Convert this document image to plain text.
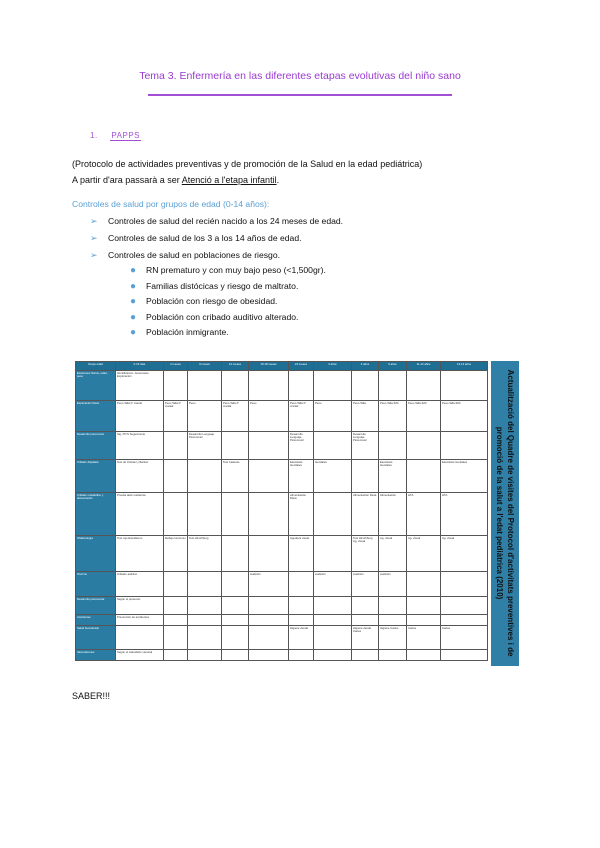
Tema 3. Enfermería en las diferentes etapas evolutivas del niño sano
1. PAPPS
(Protocolo de actividades preventivas y de promoción de la Salud en la edad pediátrica)
A partir d'ara passarà a ser Atenció a l'etapa infantil.
Controles de salud por grupos de edad (0-14 años):
➢ Controles de salud del recién nacido a los 24 meses de edad.
➢ Controles de salud de los 3 a los 14 años de edad.
➢ Controles de salud en poblaciones de riesgo.
● RN prematuro y con muy bajo peso (<1,500gr).
● Familias distócicas y riesgo de maltrato.
● Población con riesgo de obesidad.
● Población con cribado auditivo alterado.
● Población inmigrante.
Grupo edad	0-15 días	2 meses	6 meses	12 meses	15-18 meses	24 meses	3 años	4 años	6 años	11-12 años	13-14 años
Exámenes físicos, edad, peso	Identificación. Anamnesis. Exploración										
Exploración física	Peso Talla P. cranial	Peso Talla P. cranial	Peso	Peso Talla P. cranial	Peso	Peso Talla P. cranial	Peso	Peso Talla	Peso Talla IMC	Peso Talla IMC	Peso Talla IMC
Desarrollo psicomotor	Sig. PC'S Seguimiento		Desarrollo Lenguaje Psicomotor			Desarrollo Lenguaje Psicomotor		Desarrollo Lenguaje Psicomotor			
Cribado displasia	Test de Ortolani y Barlow			Test Caderas		Escoliosis Genitales	Genitales		Escoliosis Genitales		Escoliosis Genitales
Cribado metabólico y alimentación	Prueba talón Lactancia					Alimentación Dieta		Alimentación Dieta	Alimentación	HTA	HTA
Oftalmología	Test rojo Estrabismo	Reflejo luminoso	Test Hirschberg			Agudeza visual		Test Hirschberg Ag. visual	Ag. visual	Ag. visual	Ag. visual
Otorrino	Cribado auditivo				Audición		Audición	Audición	Audición		
Desarrollo psicosocial	Según el protocolo										
Accidentes	Prevención de accidentes										
Salud bucodental						Higiene dental		Higiene dental Caries	Higiene Caries	Caries	Caries
Vacunaciones	Según el calendario vacunal											Actualització del Quadre de visites del Protocol d'activitats preventives i de promoció de la salut a l'edat pediàtrica (2010)
SABER!!!
